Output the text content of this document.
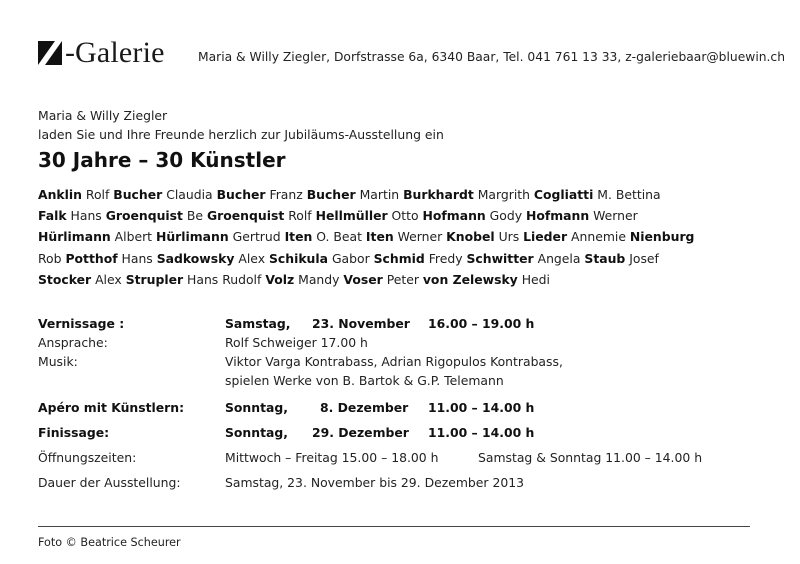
- Galerie	Maria & Willy Ziegler, Dorfstrasse 6a, 6340 Baar, Tel. 041 761 13 33, z-galeriebaar@bluewin.ch
Maria & Willy Ziegler
laden Sie und Ihre Freunde herzlich zur Jubiläums-Ausstellung ein
30 Jahre – 30 Künstler
Anklin Rolf Bucher Claudia Bucher Franz Bucher Martin Burkhardt Margrith Cogliatti M. Bettina
Falk Hans Groenquist Be Groenquist Rolf Hellmüller Otto Hofmann Gody Hofmann Werner
Hürlimann Albert Hürlimann Gertrud Iten O. Beat Iten Werner Knobel Urs Lieder Annemie Nienburg
Rob Potthof Hans Sadkowsky Alex Schikula Gabor Schmid Fredy Schwitter Angela Staub Josef
Stocker Alex Strupler Hans Rudolf Volz Mandy Voser Peter von Zelewsky Hedi
Vernissage :	Samstag, 23. November 16.00 – 19.00 h
Ansprache:	Rolf Schweiger 17.00 h
Musik:	Viktor Varga Kontrabass, Adrian Rigopulos Kontrabass,
spielen Werke von B. Bartok & G.P. Telemann
Apéro mit Künstlern:	Sonntag,	8. Dezember 11.00 – 14.00 h
Finissage:	Sonntag, 29. Dezember 11.00 – 14.00 h
Öffnungszeiten:	Mittwoch – Freitag 15.00 – 18.00 h	Samstag & Sonntag 11.00 – 14.00 h
Dauer der Ausstellung:	Samstag, 23. November bis 29. Dezember 2013
Foto © Beatrice Scheurer
